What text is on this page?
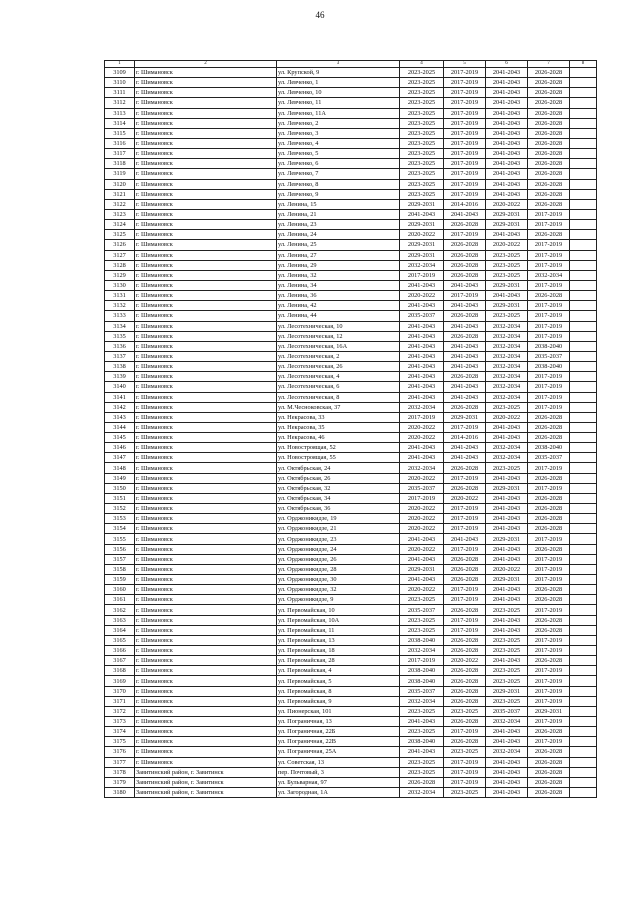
46
1	2	3	4	5	6	7	8
3109	г. Шимановск	ул. Крупской, 9	2023-2025	2017-2019	2041-2043	2026-2028	
3110	г. Шимановск	ул. Левченко, 1	2023-2025	2017-2019	2041-2043	2026-2028	
3111	г. Шимановск	ул. Левченко, 10	2023-2025	2017-2019	2041-2043	2026-2028	
3112	г. Шимановск	ул. Левченко, 11	2023-2025	2017-2019	2041-2043	2026-2028	
3113	г. Шимановск	ул. Левченко, 11А	2023-2025	2017-2019	2041-2043	2026-2028	
3114	г. Шимановск	ул. Левченко, 2	2023-2025	2017-2019	2041-2043	2026-2028	
3115	г. Шимановск	ул. Левченко, 3	2023-2025	2017-2019	2041-2043	2026-2028	
3116	г. Шимановск	ул. Левченко, 4	2023-2025	2017-2019	2041-2043	2026-2028	
3117	г. Шимановск	ул. Левченко, 5	2023-2025	2017-2019	2041-2043	2026-2028	
3118	г. Шимановск	ул. Левченко, 6	2023-2025	2017-2019	2041-2043	2026-2028	
3119	г. Шимановск	ул. Левченко, 7	2023-2025	2017-2019	2041-2043	2026-2028	
3120	г. Шимановск	ул. Левченко, 8	2023-2025	2017-2019	2041-2043	2026-2028	
3121	г. Шимановск	ул. Левченко, 9	2023-2025	2017-2019	2041-2043	2026-2028	
3122	г. Шимановск	ул. Ленина, 15	2029-2031	2014-2016	2020-2022	2026-2028	
3123	г. Шимановск	ул. Ленина, 21	2041-2043	2041-2043	2029-2031	2017-2019	
3124	г. Шимановск	ул. Ленина, 23	2029-2031	2026-2028	2029-2031	2017-2019	
3125	г. Шимановск	ул. Ленина, 24	2020-2022	2017-2019	2041-2043	2026-2028	
3126	г. Шимановск	ул. Ленина, 25	2029-2031	2026-2028	2020-2022	2017-2019	
3127	г. Шимановск	ул. Ленина, 27	2029-2031	2026-2028	2023-2025	2017-2019	
3128	г. Шимановск	ул. Ленина, 29	2032-2034	2026-2028	2023-2025	2017-2019	
3129	г. Шимановск	ул. Ленина, 32	2017-2019	2026-2028	2023-2025	2032-2034	
3130	г. Шимановск	ул. Ленина, 34	2041-2043	2041-2043	2029-2031	2017-2019	
3131	г. Шимановск	ул. Ленина, 36	2020-2022	2017-2019	2041-2043	2026-2028	
3132	г. Шимановск	ул. Ленина, 42	2041-2043	2041-2043	2029-2031	2017-2019	
3133	г. Шимановск	ул. Ленина, 44	2035-2037	2026-2028	2023-2025	2017-2019	
3134	г. Шимановск	ул. Лесотехническая, 10	2041-2043	2041-2043	2032-2034	2017-2019	
3135	г. Шимановск	ул. Лесотехническая, 12	2041-2043	2026-2028	2032-2034	2017-2019	
3136	г. Шимановск	ул. Лесотехническая, 16А	2041-2043	2041-2043	2032-2034	2038-2040	
3137	г. Шимановск	ул. Лесотехническая, 2	2041-2043	2041-2043	2032-2034	2035-2037	
3138	г. Шимановск	ул. Лесотехническая, 26	2041-2043	2041-2043	2032-2034	2038-2040	
3139	г. Шимановск	ул. Лесотехническая, 4	2041-2043	2026-2028	2032-2034	2017-2019	
3140	г. Шимановск	ул. Лесотехническая, 6	2041-2043	2041-2043	2032-2034	2017-2019	
3141	г. Шимановск	ул. Лесотехническая, 8	2041-2043	2041-2043	2032-2034	2017-2019	
3142	г. Шимановск	ул. М.Чесноковская, 37	2032-2034	2026-2028	2023-2025	2017-2019	
3143	г. Шимановск	ул. Некрасова, 33	2017-2019	2029-2031	2020-2022	2026-2028	
3144	г. Шимановск	ул. Некрасова, 35	2020-2022	2017-2019	2041-2043	2026-2028	
3145	г. Шимановск	ул. Некрасова, 46	2020-2022	2014-2016	2041-2043	2026-2028	
3146	г. Шимановск	ул. Новостроящая, 52	2041-2043	2041-2043	2032-2034	2038-2040	
3147	г. Шимановск	ул. Новостроящая, 55	2041-2043	2041-2043	2032-2034	2035-2037	
3148	г. Шимановск	ул. Октябрьская, 24	2032-2034	2026-2028	2023-2025	2017-2019	
3149	г. Шимановск	ул. Октябрьская, 26	2020-2022	2017-2019	2041-2043	2026-2028	
3150	г. Шимановск	ул. Октябрьская, 32	2035-2037	2026-2028	2029-2031	2017-2019	
3151	г. Шимановск	ул. Октябрьская, 34	2017-2019	2020-2022	2041-2043	2026-2028	
3152	г. Шимановск	ул. Октябрьская, 36	2020-2022	2017-2019	2041-2043	2026-2028	
3153	г. Шимановск	ул. Орджоникидзе, 19	2020-2022	2017-2019	2041-2043	2026-2028	
3154	г. Шимановск	ул. Орджоникидзе, 21	2020-2022	2017-2019	2041-2043	2026-2028	
3155	г. Шимановск	ул. Орджоникидзе, 23	2041-2043	2041-2043	2029-2031	2017-2019	
3156	г. Шимановск	ул. Орджоникидзе, 24	2020-2022	2017-2019	2041-2043	2026-2028	
3157	г. Шимановск	ул. Орджоникидзе, 26	2041-2043	2026-2028	2041-2043	2017-2019	
3158	г. Шимановск	ул. Орджоникидзе, 28	2029-2031	2026-2028	2020-2022	2017-2019	
3159	г. Шимановск	ул. Орджоникидзе, 30	2041-2043	2026-2028	2029-2031	2017-2019	
3160	г. Шимановск	ул. Орджоникидзе, 32	2020-2022	2017-2019	2041-2043	2026-2028	
3161	г. Шимановск	ул. Орджоникидзе, 9	2023-2025	2017-2019	2041-2043	2026-2028	
3162	г. Шимановск	ул. Первомайская, 10	2035-2037	2026-2028	2023-2025	2017-2019	
3163	г. Шимановск	ул. Первомайская, 10А	2023-2025	2017-2019	2041-2043	2026-2028	
3164	г. Шимановск	ул. Первомайская, 11	2023-2025	2017-2019	2041-2043	2026-2028	
3165	г. Шимановск	ул. Первомайская, 13	2038-2040	2026-2028	2023-2025	2017-2019	
3166	г. Шимановск	ул. Первомайская, 18	2032-2034	2026-2028	2023-2025	2017-2019	
3167	г. Шимановск	ул. Первомайская, 28	2017-2019	2020-2022	2041-2043	2026-2028	
3168	г. Шимановск	ул. Первомайская, 4	2038-2040	2026-2028	2023-2025	2017-2019	
3169	г. Шимановск	ул. Первомайская, 5	2038-2040	2026-2028	2023-2025	2017-2019	
3170	г. Шимановск	ул. Первомайская, 8	2035-2037	2026-2028	2029-2031	2017-2019	
3171	г. Шимановск	ул. Первомайская, 9	2032-2034	2026-2028	2023-2025	2017-2019	
3172	г. Шимановск	ул. Пионерская, 101	2023-2025	2023-2025	2035-2037	2029-2031	
3173	г. Шимановск	ул. Пограничная, 13	2041-2043	2026-2028	2032-2034	2017-2019	
3174	г. Шимановск	ул. Пограничная, 22Б	2023-2025	2017-2019	2041-2043	2026-2028	
3175	г. Шимановск	ул. Пограничная, 22В	2038-2040	2026-2028	2041-2043	2017-2019	
3176	г. Шимановск	ул. Пограничная, 25А	2041-2043	2023-2025	2032-2034	2026-2028	
3177	г. Шимановск	ул. Советская, 13	2023-2025	2017-2019	2041-2043	2026-2028	
3178	Завитинский район, г. Завитинск	пер. Почтовый, 3	2023-2025	2017-2019	2041-2043	2026-2028	
3179	Завитинский район, г. Завитинск	ул. Бульварная, 97	2026-2028	2017-2019	2041-2043	2026-2028	
3180	Завитинский район, г. Завитинск	ул. Загородная, 1А	2032-2034	2023-2025	2041-2043	2026-2028	
